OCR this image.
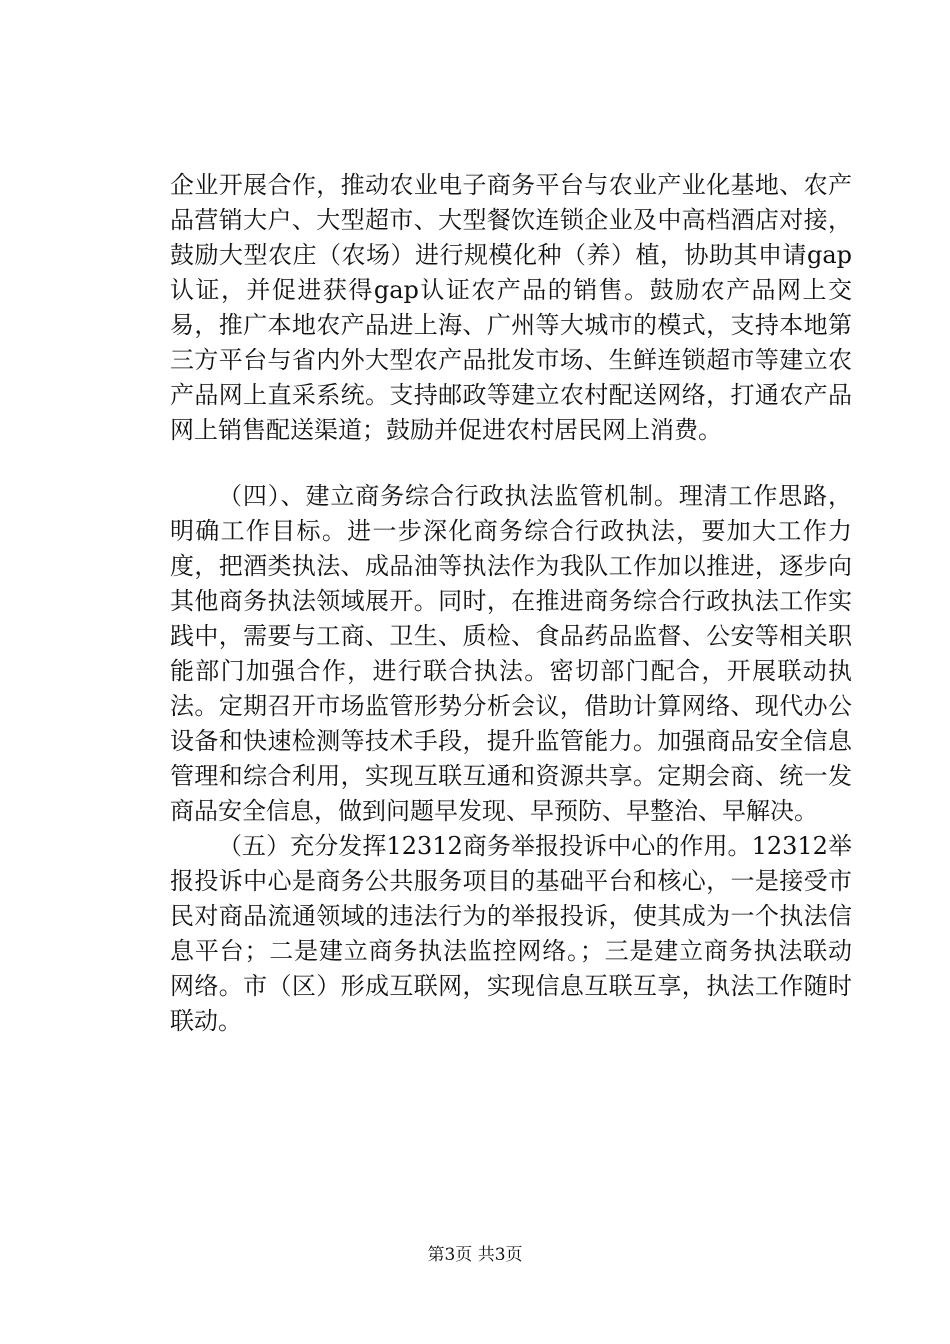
企业开展合作，推动农业电子商务平台与农业产业化基地、农产品营销大户、大型超市、大型餐饮连锁企业及中高档酒店对接，鼓励大型农庄（农场）进行规模化种（养）植，协助其申请gap认证，并促进获得gap认证农产品的销售。鼓励农产品网上交易，推广本地农产品进上海、广州等大城市的模式，支持本地第三方平台与省内外大型农产品批发市场、生鲜连锁超市等建立农产品网上直采系统。支持邮政等建立农村配送网络，打通农产品网上销售配送渠道；鼓励并促进农村居民网上消费。

（四）、建立商务综合行政执法监管机制。理清工作思路，明确工作目标。进一步深化商务综合行政执法，要加大工作力度，把酒类执法、成品油等执法作为我队工作加以推进，逐步向其他商务执法领域展开。同时，在推进商务综合行政执法工作实践中，需要与工商、卫生、质检、食品药品监督、公安等相关职能部门加强合作，进行联合执法。密切部门配合，开展联动执法。定期召开市场监管形势分析会议，借助计算网络、现代办公设备和快速检测等技术手段，提升监管能力。加强商品安全信息管理和综合利用，实现互联互通和资源共享。定期会商、统一发商品安全信息，做到问题早发现、早预防、早整治、早解决。

（五）充分发挥12312商务举报投诉中心的作用。12312举报投诉中心是商务公共服务项目的基础平台和核心，一是接受市民对商品流通领域的违法行为的举报投诉，使其成为一个执法信息平台；二是建立商务执法监控网络。；三是建立商务执法联动网络。市（区）形成互联网，实现信息互联互享，执法工作随时联动。

第3页 共3页
